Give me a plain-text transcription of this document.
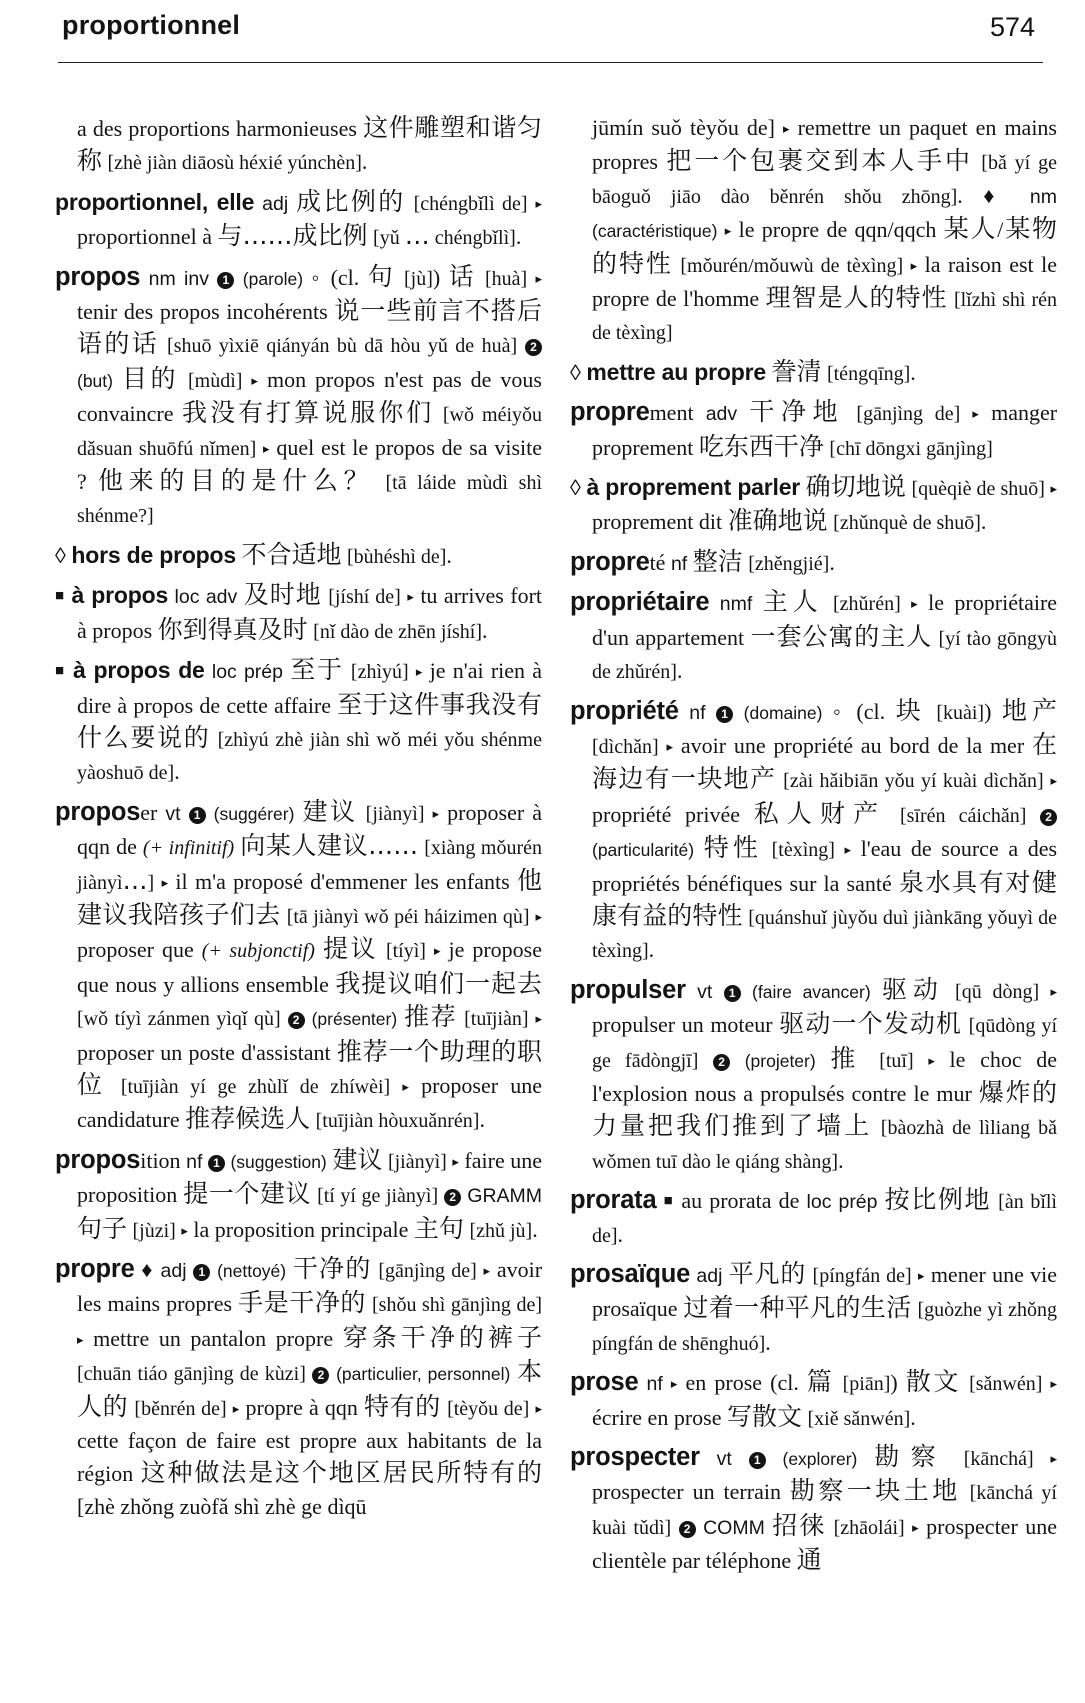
proportionnel	574

a des proportions harmonieuses 这件雕塑和谐匀称 [zhè jiàn diāosù héxié yúnchèn].

proportionnel, elle adj 成比例的 [chéngbǐlì de] ▸ proportionnel à 与……成比例 [yǔ … chéngbǐlì].

propos nm inv 1 (parole) ◦ (cl. 句 [jù]) 话 [huà] ▸ tenir des propos incohérents 说一些前言不搭后语的话 [shuō yìxiē qiányán bù dā hòu yǔ de huà] 2 (but) 目的 [mùdì] ▸ mon propos n'est pas de vous convaincre 我没有打算说服你们 [wǒ méiyǒu dǎsuan shuōfú nǐmen] ▸ quel est le propos de sa visite ? 他来的目的是什么？ [tā láide mùdì shì shénme?]

◊ hors de propos 不合适地 [bùhéshì de].

■ à propos loc adv 及时地 [jíshí de] ▸ tu arrives fort à propos 你到得真及时 [nǐ dào de zhēn jíshí].

■ à propos de loc prép 至于 [zhìyú] ▸ je n'ai rien à dire à propos de cette affaire 至于这件事我没有什么要说的 [zhìyú zhè jiàn shì wǒ méi yǒu shénme yàoshuō de].

proposer vt 1 (suggérer) 建议 [jiànyì] ▸ proposer à qqn de (+ infinitif) 向某人建议…… [xiàng mǒurén jiànyì…] ▸ il m'a proposé d'emmener les enfants 他建议我陪孩子们去 [tā jiànyì wǒ péi háizimen qù] ▸ proposer que (+ subjonctif) 提议 [tíyì] ▸ je propose que nous y allions ensemble 我提议咱们一起去 [wǒ tíyì zánmen yìqǐ qù] 2 (présenter) 推荐 [tuījiàn] ▸ proposer un poste d'assistant 推荐一个助理的职位 [tuījiàn yí ge zhùlǐ de zhíwèi] ▸ proposer une candidature 推荐候选人 [tuījiàn hòuxuǎnrén].

proposition nf 1 (suggestion) 建议 [jiànyì] ▸ faire une proposition 提一个建议 [tí yí ge jiànyì] 2 GRAMM 句子 [jùzi] ▸ la proposition principale 主句 [zhǔ jù].

propre ♦ adj 1 (nettoyé) 干净的 [gānjìng de] ▸ avoir les mains propres 手是干净的 [shǒu shì gānjìng de] ▸ mettre un pantalon propre 穿条干净的裤子 [chuān tiáo gānjìng de kùzi] 2 (particulier, personnel) 本人的 [běnrén de] ▸ propre à qqn 特有的 [tèyǒu de] ▸ cette façon de faire est propre aux habitants de la région 这种做法是这个地区居民所特有的 [zhè zhǒng zuòfǎ shì zhè ge dìqū

jūmín suǒ tèyǒu de] ▸ remettre un paquet en mains propres 把一个包裹交到本人手中 [bǎ yí ge bāoguǒ jiāo dào běnrén shǒu zhōng]. ♦ nm (caractéristique) ▸ le propre de qqn/qqch 某人/某物的特性 [mǒurén/mǒuwù de tèxìng] ▸ la raison est le propre de l'homme 理智是人的特性 [lǐzhì shì rén de tèxìng]

◊ mettre au propre 誊清 [téngqīng].

proprement adv 干净地 [gānjìng de] ▸ manger proprement 吃东西干净 [chī dōngxi gānjìng]

◊ à proprement parler 确切地说 [quèqiè de shuō] ▸ proprement dit 准确地说 [zhǔnquè de shuō].

propreté nf 整洁 [zhěngjié].

propriétaire nmf 主人 [zhǔrén] ▸ le propriétaire d'un appartement 一套公寓的主人 [yí tào gōngyù de zhǔrén].

propriété nf 1 (domaine) ◦ (cl. 块 [kuài]) 地产 [dìchǎn] ▸ avoir une propriété au bord de la mer 在海边有一块地产 [zài hǎibiān yǒu yí kuài dìchǎn] ▸ propriété privée 私人财产 [sīrén cáichǎn] 2 (particularité) 特性 [tèxìng] ▸ l'eau de source a des propriétés bénéfiques sur la santé 泉水具有对健康有益的特性 [quánshuǐ jùyǒu duì jiànkāng yǒuyì de tèxìng].

propulser vt 1 (faire avancer) 驱动 [qū dòng] ▸ propulser un moteur 驱动一个发动机 [qūdòng yí ge fādòngjī] 2 (projeter) 推 [tuī] ▸ le choc de l'explosion nous a propulsés contre le mur 爆炸的力量把我们推到了墙上 [bàozhà de lìliang bǎ wǒmen tuī dào le qiáng shàng].

prorata ■ au prorata de loc prép 按比例地 [àn bǐlì de].

prosaïque adj 平凡的 [píngfán de] ▸ mener une vie prosaïque 过着一种平凡的生活 [guòzhe yì zhǒng píngfán de shēnghuó].

prose nf ▸ en prose (cl. 篇 [piān]) 散文 [sǎnwén] ▸ écrire en prose 写散文 [xiě sǎnwén].

prospecter vt 1 (explorer) 勘察 [kānchá] ▸ prospecter un terrain 勘察一块土地 [kānchá yí kuài tǔdì] 2 COMM 招徕 [zhāolái] ▸ prospecter une clientèle par téléphone 通
